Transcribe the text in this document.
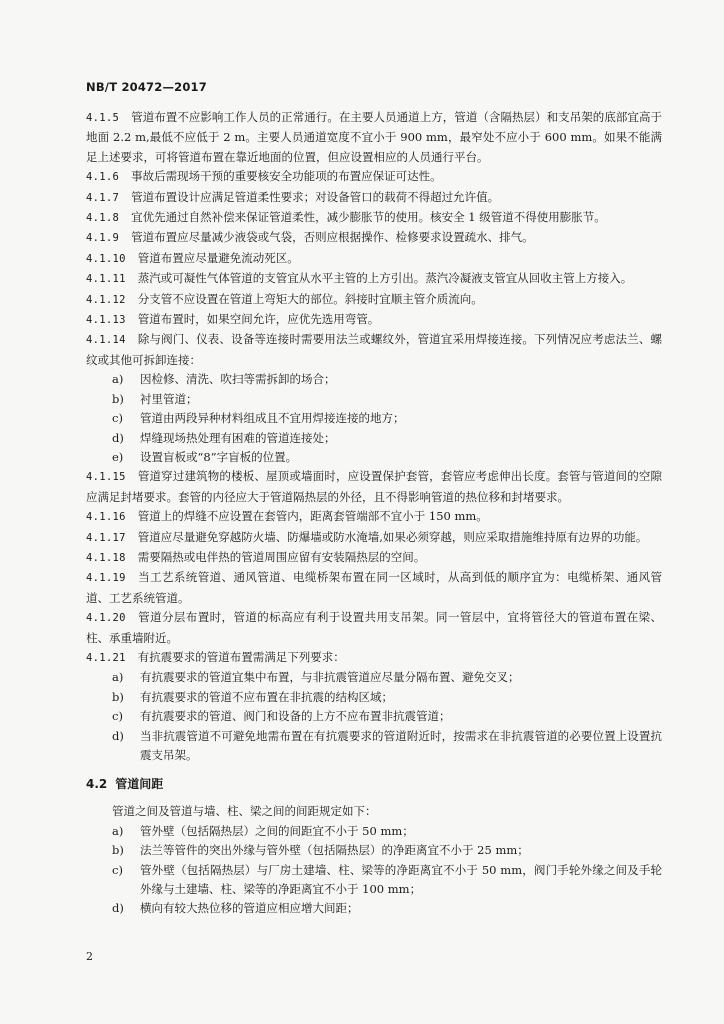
NB/T 20472—2017

4.1.5 管道布置不应影响工作人员的正常通行。在主要人员通道上方，管道（含隔热层）和支吊架的底部宜高于地面 2.2 m,最低不应低于 2 m。主要人员通道宽度不宜小于 900 mm，最窄处不应小于 600 mm。如果不能满足上述要求，可将管道布置在靠近地面的位置，但应设置相应的人员通行平台。

4.1.6 事故后需现场干预的重要核安全功能项的布置应保证可达性。

4.1.7 管道布置设计应满足管道柔性要求；对设备管口的载荷不得超过允许值。

4.1.8 宜优先通过自然补偿来保证管道柔性，减少膨胀节的使用。核安全 1 级管道不得使用膨胀节。

4.1.9 管道布置应尽量减少液袋或气袋，否则应根据操作、检修要求设置疏水、排气。

4.1.10 管道布置应尽量避免流动死区。

4.1.11 蒸汽或可凝性气体管道的支管宜从水平主管的上方引出。蒸汽冷凝液支管宜从回收主管上方接入。

4.1.12 分支管不应设置在管道上弯矩大的部位。斜接时宜顺主管介质流向。

4.1.13 管道布置时，如果空间允许，应优先选用弯管。

4.1.14 除与阀门、仪表、设备等连接时需要用法兰或螺纹外，管道宜采用焊接连接。下列情况应考虑法兰、螺纹或其他可拆卸连接：

a) 因检修、清洗、吹扫等需拆卸的场合；
b) 衬里管道；
c) 管道由两段异种材料组成且不宜用焊接连接的地方；
d) 焊缝现场热处理有困难的管道连接处；
e) 设置盲板或“8”字盲板的位置。

4.1.15 管道穿过建筑物的楼板、屋顶或墙面时，应设置保护套管，套管应考虑伸出长度。套管与管道间的空隙应满足封堵要求。套管的内径应大于管道隔热层的外径，且不得影响管道的热位移和封堵要求。

4.1.16 管道上的焊缝不应设置在套管内，距离套管端部不宜小于 150 mm。

4.1.17 管道应尽量避免穿越防火墙、防爆墙或防水淹墙,如果必须穿越，则应采取措施维持原有边界的功能。

4.1.18 需要隔热或电伴热的管道周围应留有安装隔热层的空间。

4.1.19 当工艺系统管道、通风管道、电缆桥架布置在同一区域时，从高到低的顺序宜为：电缆桥架、通风管道、工艺系统管道。

4.1.20 管道分层布置时，管道的标高应有利于设置共用支吊架。同一管层中，宜将管径大的管道布置在梁、柱、承重墙附近。

4.1.21 有抗震要求的管道布置需满足下列要求：

a) 有抗震要求的管道宜集中布置，与非抗震管道应尽量分隔布置、避免交叉；
b) 有抗震要求的管道不应布置在非抗震的结构区域；
c) 有抗震要求的管道、阀门和设备的上方不应布置非抗震管道；
d) 当非抗震管道不可避免地需布置在有抗震要求的管道附近时，按需求在非抗震管道的必要位置上设置抗震支吊架。
4.2 管道间距

管道之间及管道与墙、柱、梁之间的间距规定如下：

a) 管外壁（包括隔热层）之间的间距宜不小于 50 mm；
b) 法兰等管件的突出外缘与管外壁（包括隔热层）的净距离宜不小于 25 mm；
c) 管外壁（包括隔热层）与厂房土建墙、柱、梁等的净距离宜不小于 50 mm，阀门手轮外缘之间及手轮外缘与土建墙、柱、梁等的净距离宜不小于 100 mm；
d) 横向有较大热位移的管道应相应增大间距；
2
